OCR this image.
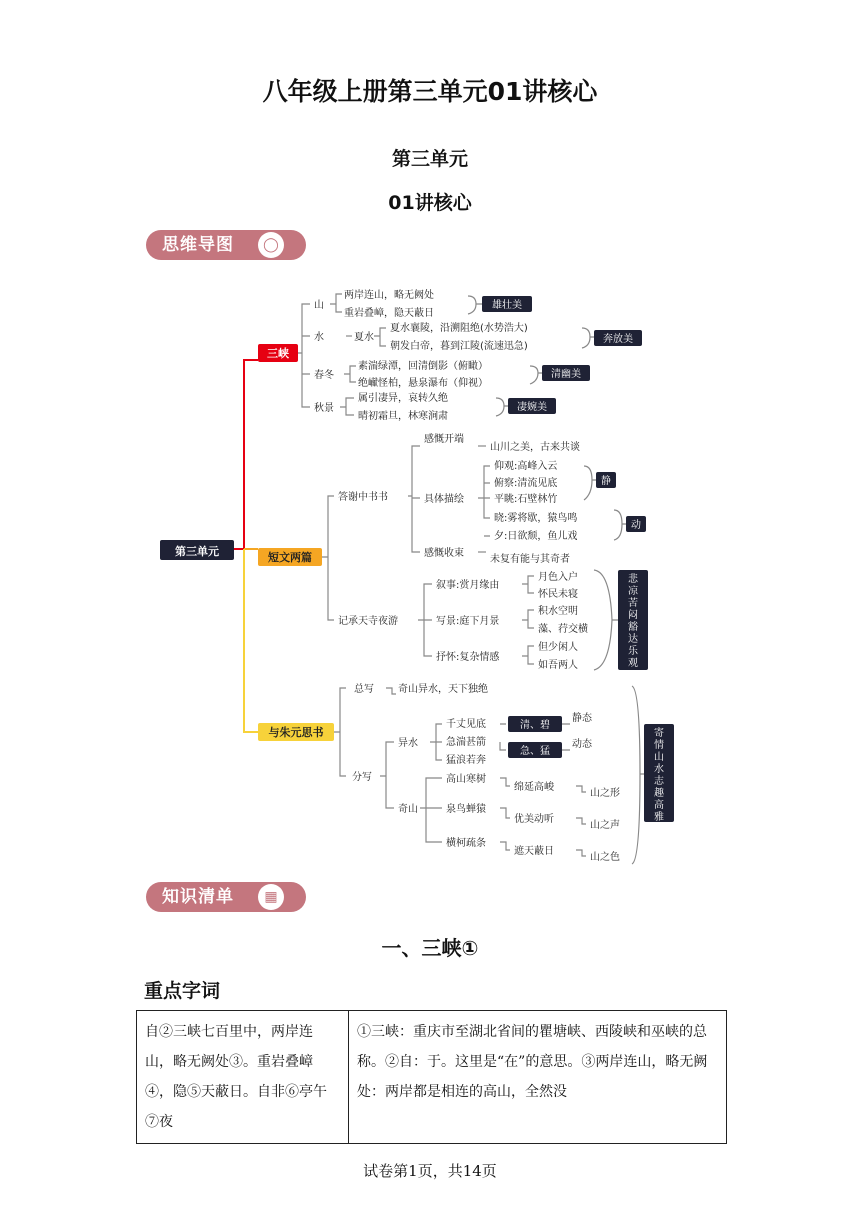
八年级上册第三单元01讲核心
第三单元
01讲核心
思维导图	◯
第三单元
三峡
短文两篇
与朱元思书
山
两岸连山，略无阙处
重岩叠嶂，隐天蔽日
水	夏水
夏水襄陵，沿溯阻绝(水势浩大)
朝发白帝，暮到江陵(流速迅急)
春冬
素湍绿潭，回清倒影（俯瞰）
绝𪩘怪柏，悬泉瀑布（仰视）
秋景
属引凄异，哀转久绝
晴初霜旦，林寒涧肃
雄壮美
奔放美
清幽美
凄婉美
答谢中书书
感慨开端
山川之美，古来共谈
具体描绘
仰观:高峰入云
俯察:清流见底
平眺:石壁林竹
晓:雾将歇，猿鸟鸣
夕:日欲颓，鱼儿戏
感慨收束
未复有能与其奇者
记承天寺夜游
叙事:赏月缘由
月色入户
怀民未寝
写景:庭下月景
积水空明
藻、荇交横
抒怀:复杂情感
但少闲人
如吾两人
静
动
悲凉苦闷豁达乐观
总写 奇山异水，天下独绝
分写
异水
千丈见底
急湍甚箭
猛浪若奔
静态
动态
奇山
高山寒树
泉鸟蝉猿
横柯疏条
绵延高峻
优美动听
遮天蔽日
山之形
山之声
山之色
清、碧
急、猛
寄情山水志趣高雅
知识清单	▦
一、三峡①
重点字词
自②三峡七百里中，两岸连山，略无阙处③。重岩叠嶂④，隐⑤天蔽日。自非⑥亭午⑦夜	①三峡：重庆市至湖北省间的瞿塘峡、西陵峡和巫峡的总称。②自：于。这里是“在”的意思。③两岸连山，略无阙处：两岸都是相连的高山，全然没
试卷第1页，共14页
